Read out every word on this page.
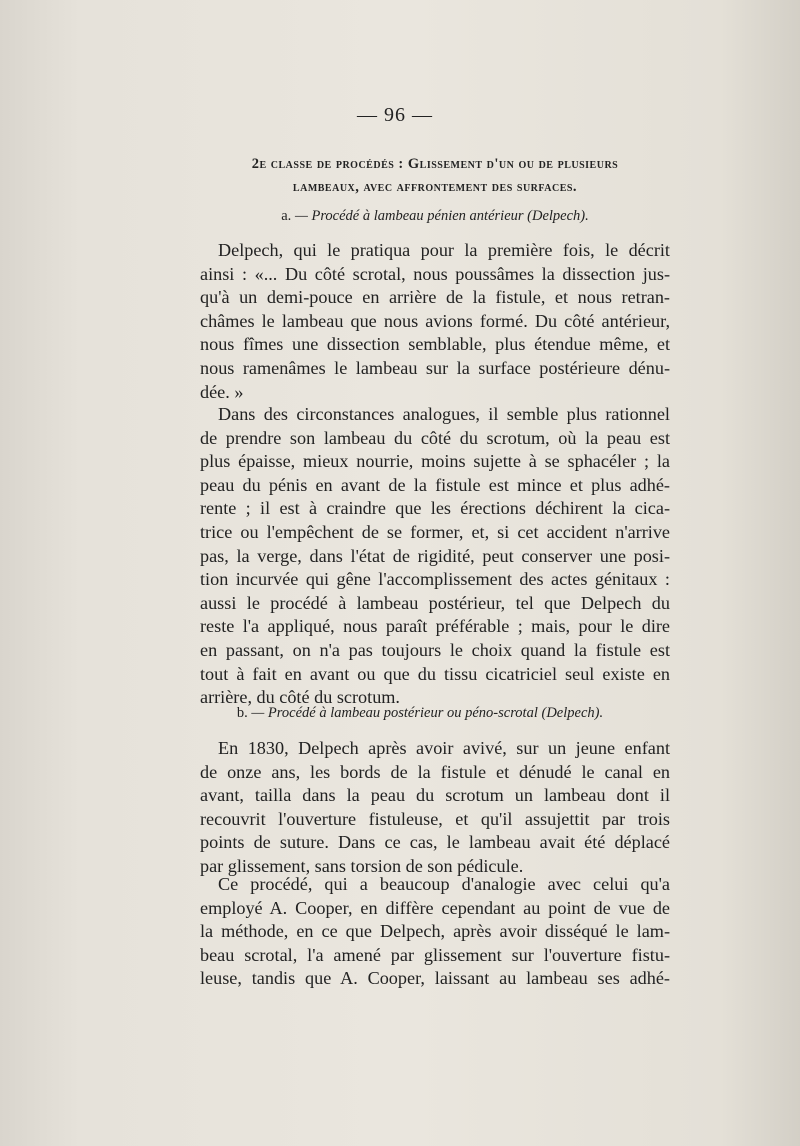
— 96 —
2e classe de procédés : Glissement d'un ou de plusieurs
lambeaux, avec affrontement des surfaces.
a. — Procédé à lambeau pénien antérieur (Delpech).
Delpech, qui le pratiqua pour la première fois, le décrit
ainsi : «... Du côté scrotal, nous poussâmes la dissection jus-
qu'à un demi-pouce en arrière de la fistule, et nous retran-
châmes le lambeau que nous avions formé. Du côté antérieur,
nous fîmes une dissection semblable, plus étendue même, et
nous ramenâmes le lambeau sur la surface postérieure dénu-
dée. »
Dans des circonstances analogues, il semble plus rationnel
de prendre son lambeau du côté du scrotum, où la peau est
plus épaisse, mieux nourrie, moins sujette à se sphacéler ; la
peau du pénis en avant de la fistule est mince et plus adhé-
rente ; il est à craindre que les érections déchirent la cica-
trice ou l'empêchent de se former, et, si cet accident n'arrive
pas, la verge, dans l'état de rigidité, peut conserver une posi-
tion incurvée qui gêne l'accomplissement des actes génitaux :
aussi le procédé à lambeau postérieur, tel que Delpech du
reste l'a appliqué, nous paraît préférable ; mais, pour le dire
en passant, on n'a pas toujours le choix quand la fistule est
tout à fait en avant ou que du tissu cicatriciel seul existe en
arrière, du côté du scrotum.
b. — Procédé à lambeau postérieur ou péno-scrotal (Delpech).
En 1830, Delpech après avoir avivé, sur un jeune enfant
de onze ans, les bords de la fistule et dénudé le canal en
avant, tailla dans la peau du scrotum un lambeau dont il
recouvrit l'ouverture fistuleuse, et qu'il assujettit par trois
points de suture. Dans ce cas, le lambeau avait été déplacé
par glissement, sans torsion de son pédicule.
Ce procédé, qui a beaucoup d'analogie avec celui qu'a
employé A. Cooper, en diffère cependant au point de vue de
la méthode, en ce que Delpech, après avoir disséqué le lam-
beau scrotal, l'a amené par glissement sur l'ouverture fistu-
leuse, tandis que A. Cooper, laissant au lambeau ses adhé-
